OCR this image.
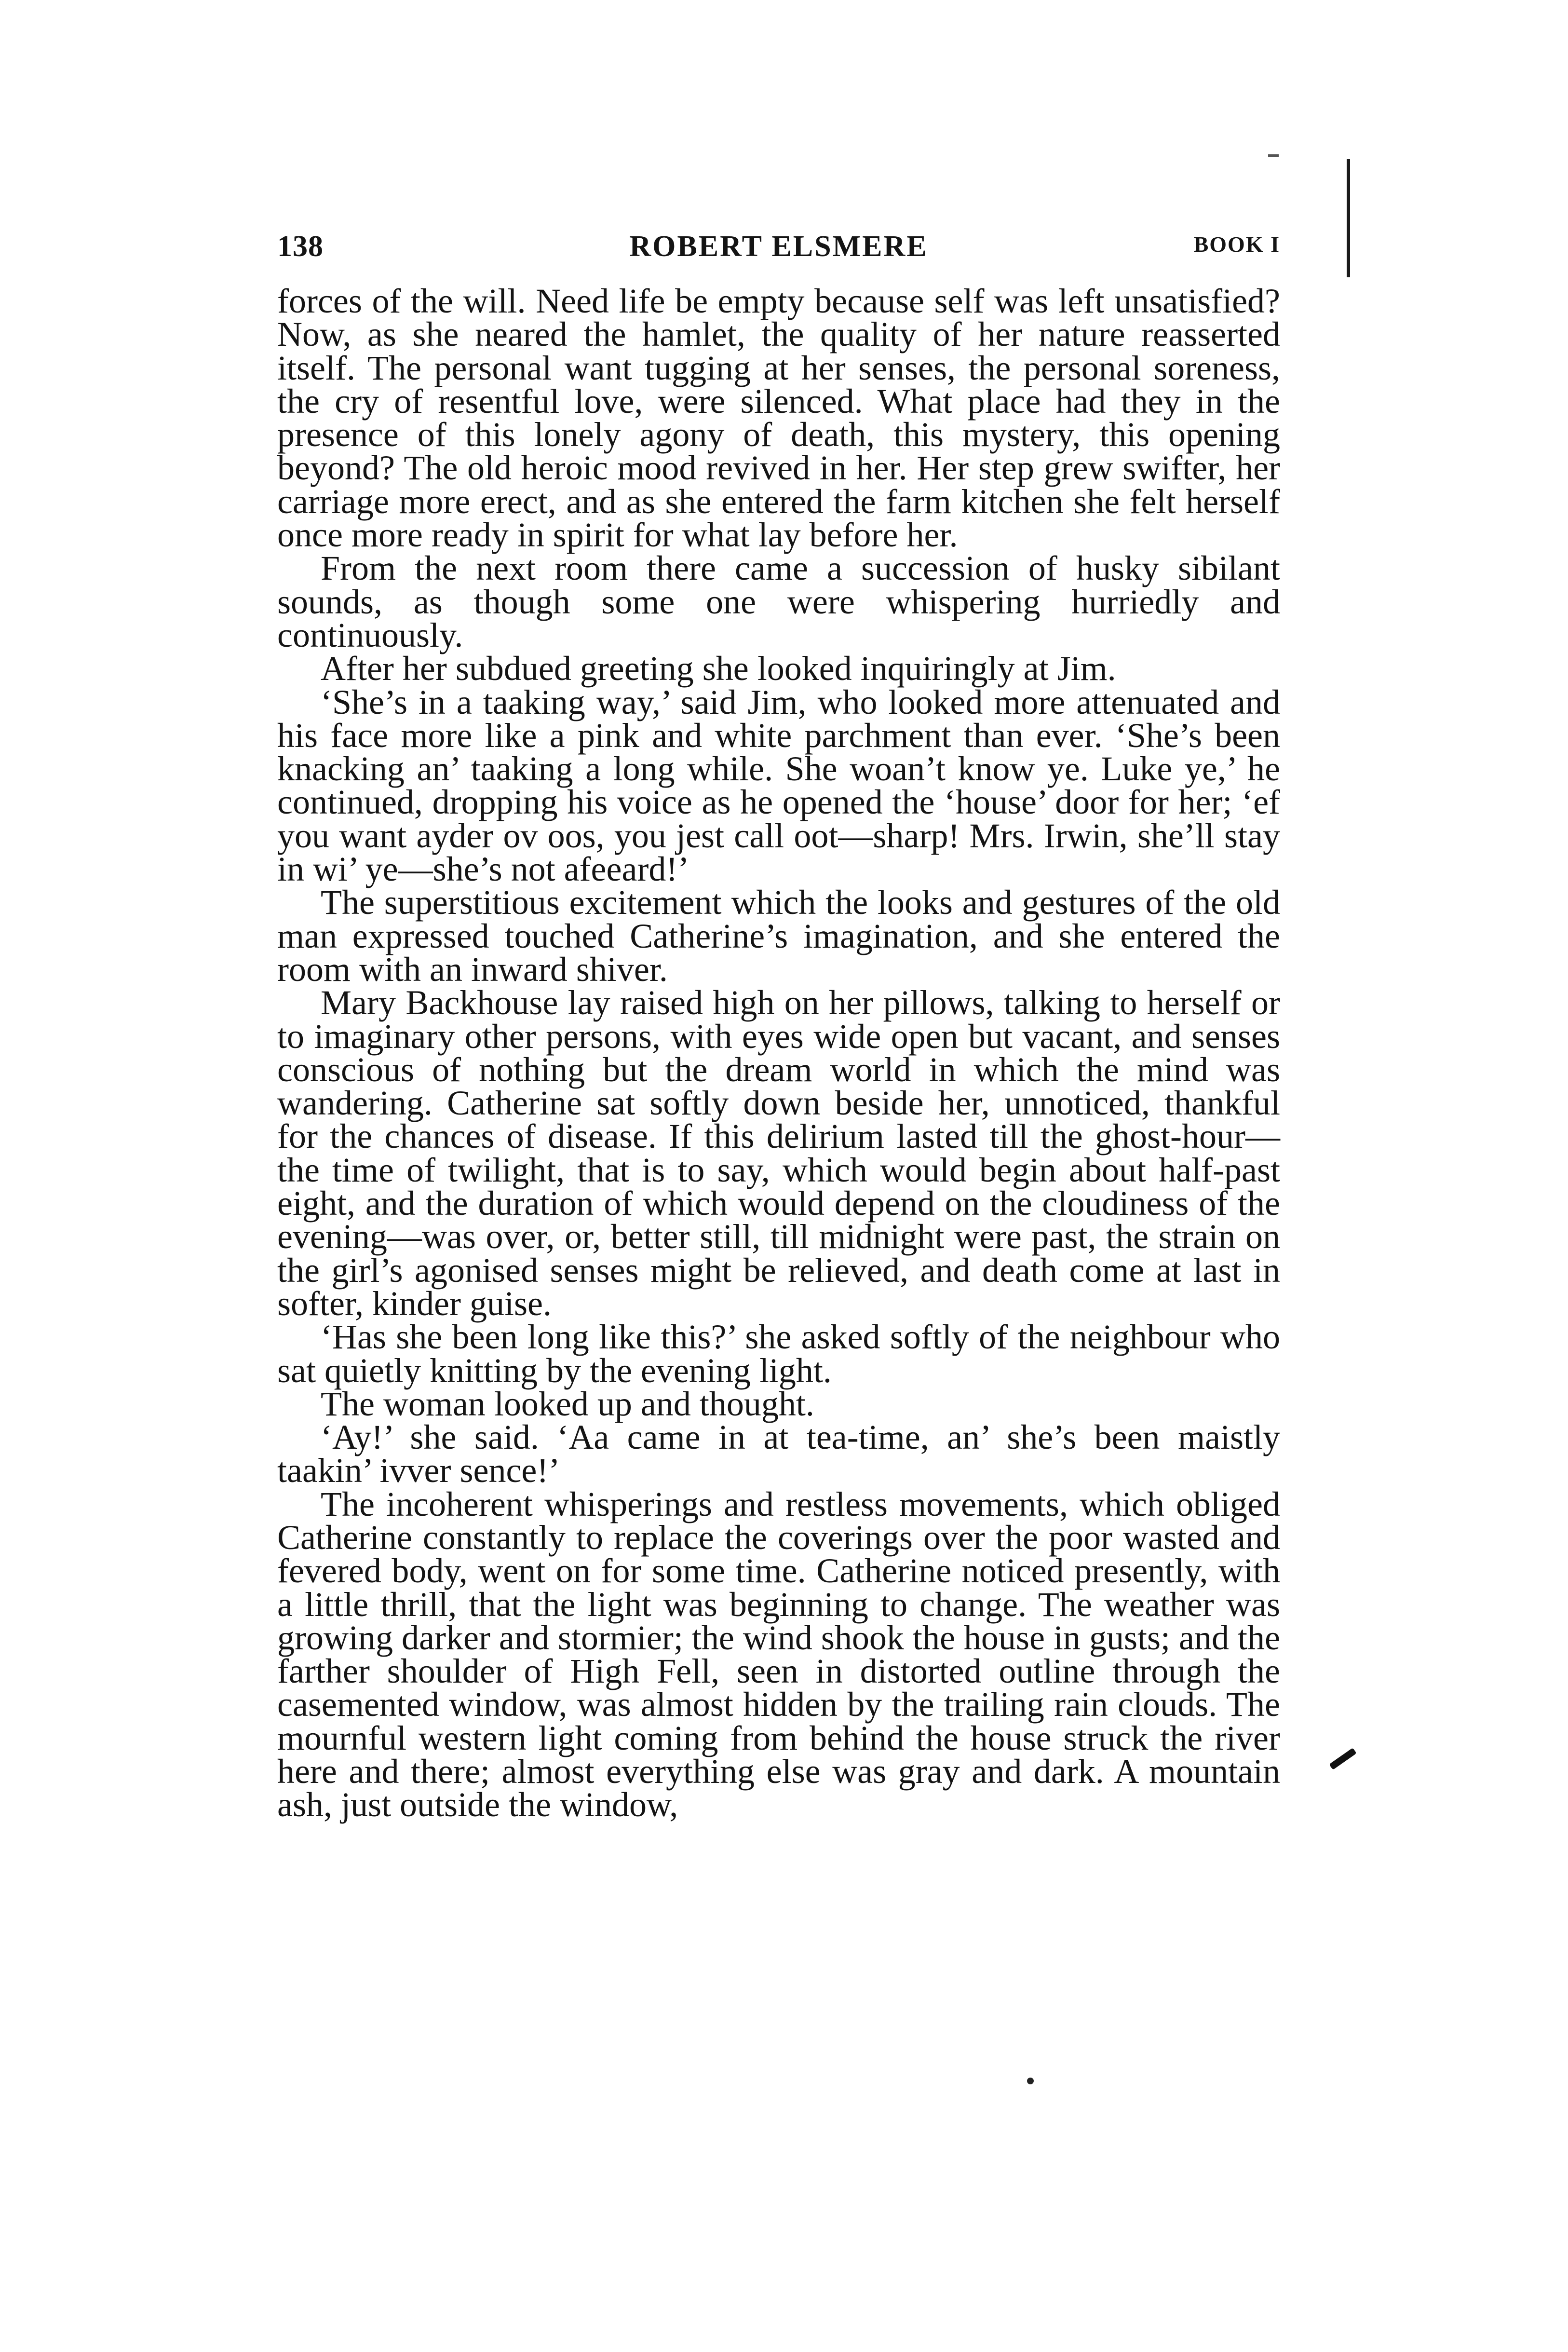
138	ROBERT ELSMERE	BOOK I

forces of the will. Need life be empty because self was left unsatisfied? Now, as she neared the hamlet, the quality of her nature reasserted itself. The personal want tugging at her senses, the personal soreness, the cry of resentful love, were silenced. What place had they in the presence of this lonely agony of death, this mystery, this opening beyond? The old heroic mood revived in her. Her step grew swifter, her carriage more erect, and as she entered the farm kitchen she felt herself once more ready in spirit for what lay before her.

From the next room there came a succession of husky sibilant sounds, as though some one were whispering hurriedly and continuously.

After her subdued greeting she looked inquiringly at Jim.

‘She’s in a taaking way,’ said Jim, who looked more attenuated and his face more like a pink and white parchment than ever. ‘She’s been knacking an’ taaking a long while. She woan’t know ye. Luke ye,’ he continued, dropping his voice as he opened the ‘house’ door for her; ‘ef you want ayder ov oos, you jest call oot—sharp! Mrs. Irwin, she’ll stay in wi’ ye—she’s not afeeard!’

The superstitious excitement which the looks and gestures of the old man expressed touched Catherine’s imagination, and she entered the room with an inward shiver.

Mary Backhouse lay raised high on her pillows, talking to herself or to imaginary other persons, with eyes wide open but vacant, and senses conscious of nothing but the dream world in which the mind was wandering. Catherine sat softly down beside her, unnoticed, thankful for the chances of disease. If this delirium lasted till the ghost-hour—the time of twilight, that is to say, which would begin about half-past eight, and the duration of which would depend on the cloudiness of the evening—was over, or, better still, till midnight were past, the strain on the girl’s agonised senses might be relieved, and death come at last in softer, kinder guise.

‘Has she been long like this?’ she asked softly of the neighbour who sat quietly knitting by the evening light.

The woman looked up and thought.

‘Ay!’ she said. ‘Aa came in at tea-time, an’ she’s been maistly taakin’ ivver sence!’

The incoherent whisperings and restless movements, which obliged Catherine constantly to replace the coverings over the poor wasted and fevered body, went on for some time. Catherine noticed presently, with a little thrill, that the light was beginning to change. The weather was growing darker and stormier; the wind shook the house in gusts; and the farther shoulder of High Fell, seen in distorted outline through the casemented window, was almost hidden by the trailing rain clouds. The mournful western light coming from behind the house struck the river here and there; almost everything else was gray and dark. A mountain ash, just outside the window,
